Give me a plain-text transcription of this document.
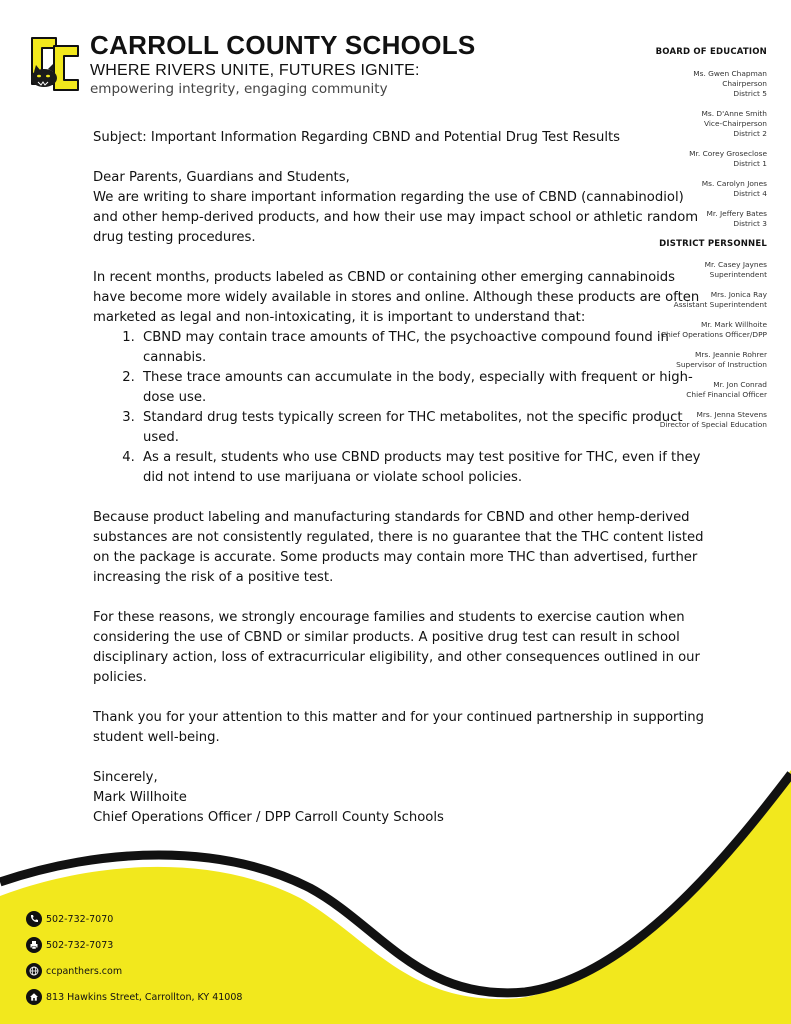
CARROLL COUNTY SCHOOLS
WHERE RIVERS UNITE, FUTURES IGNITE:
empowering integrity, engaging community
BOARD OF EDUCATION
Ms. Gwen Chapman
Chairperson
District 5
Ms. D'Anne Smith
Vice-Chairperson
District 2
Mr. Corey Groseclose
District 1
Ms. Carolyn Jones
District 4
Mr. Jeffery Bates
District 3
DISTRICT PERSONNEL
Mr. Casey Jaynes
Superintendent
Mrs. Jonica Ray
Assistant Superintendent
Mr. Mark Willhoite
Chief Operations Officer/DPP
Mrs. Jeannie Rohrer
Supervisor of Instruction
Mr. Jon Conrad
Chief Financial Officer
Mrs. Jenna Stevens
Director of Special Education

Subject: Important Information Regarding CBND and Potential Drug Test Results

Dear Parents, Guardians and Students,

We are writing to share important information regarding the use of CBND (cannabinodiol) and other hemp-derived products, and how their use may impact school or athletic random drug testing procedures.

In recent months, products labeled as CBND or containing other emerging cannabinoids have become more widely available in stores and online. Although these products are often marketed as legal and non-intoxicating, it is important to understand that:

1. CBND may contain trace amounts of THC, the psychoactive compound found in cannabis.
2. These trace amounts can accumulate in the body, especially with frequent or high-dose use.
3. Standard drug tests typically screen for THC metabolites, not the specific product used.
4. As a result, students who use CBND products may test positive for THC, even if they did not intend to use marijuana or violate school policies.

Because product labeling and manufacturing standards for CBND and other hemp-derived substances are not consistently regulated, there is no guarantee that the THC content listed on the package is accurate. Some products may contain more THC than advertised, further increasing the risk of a positive test.

For these reasons, we strongly encourage families and students to exercise caution when considering the use of CBND or similar products. A positive drug test can result in school disciplinary action, loss of extracurricular eligibility, and other consequences outlined in our policies.

Thank you for your attention to this matter and for your continued partnership in supporting student well-being.

Sincerely,

Mark Willhoite

Chief Operations Officer / DPP Carroll County Schools

502-732-7070
502-732-7073
ccpanthers.com
813 Hawkins Street, Carrollton, KY 41008
